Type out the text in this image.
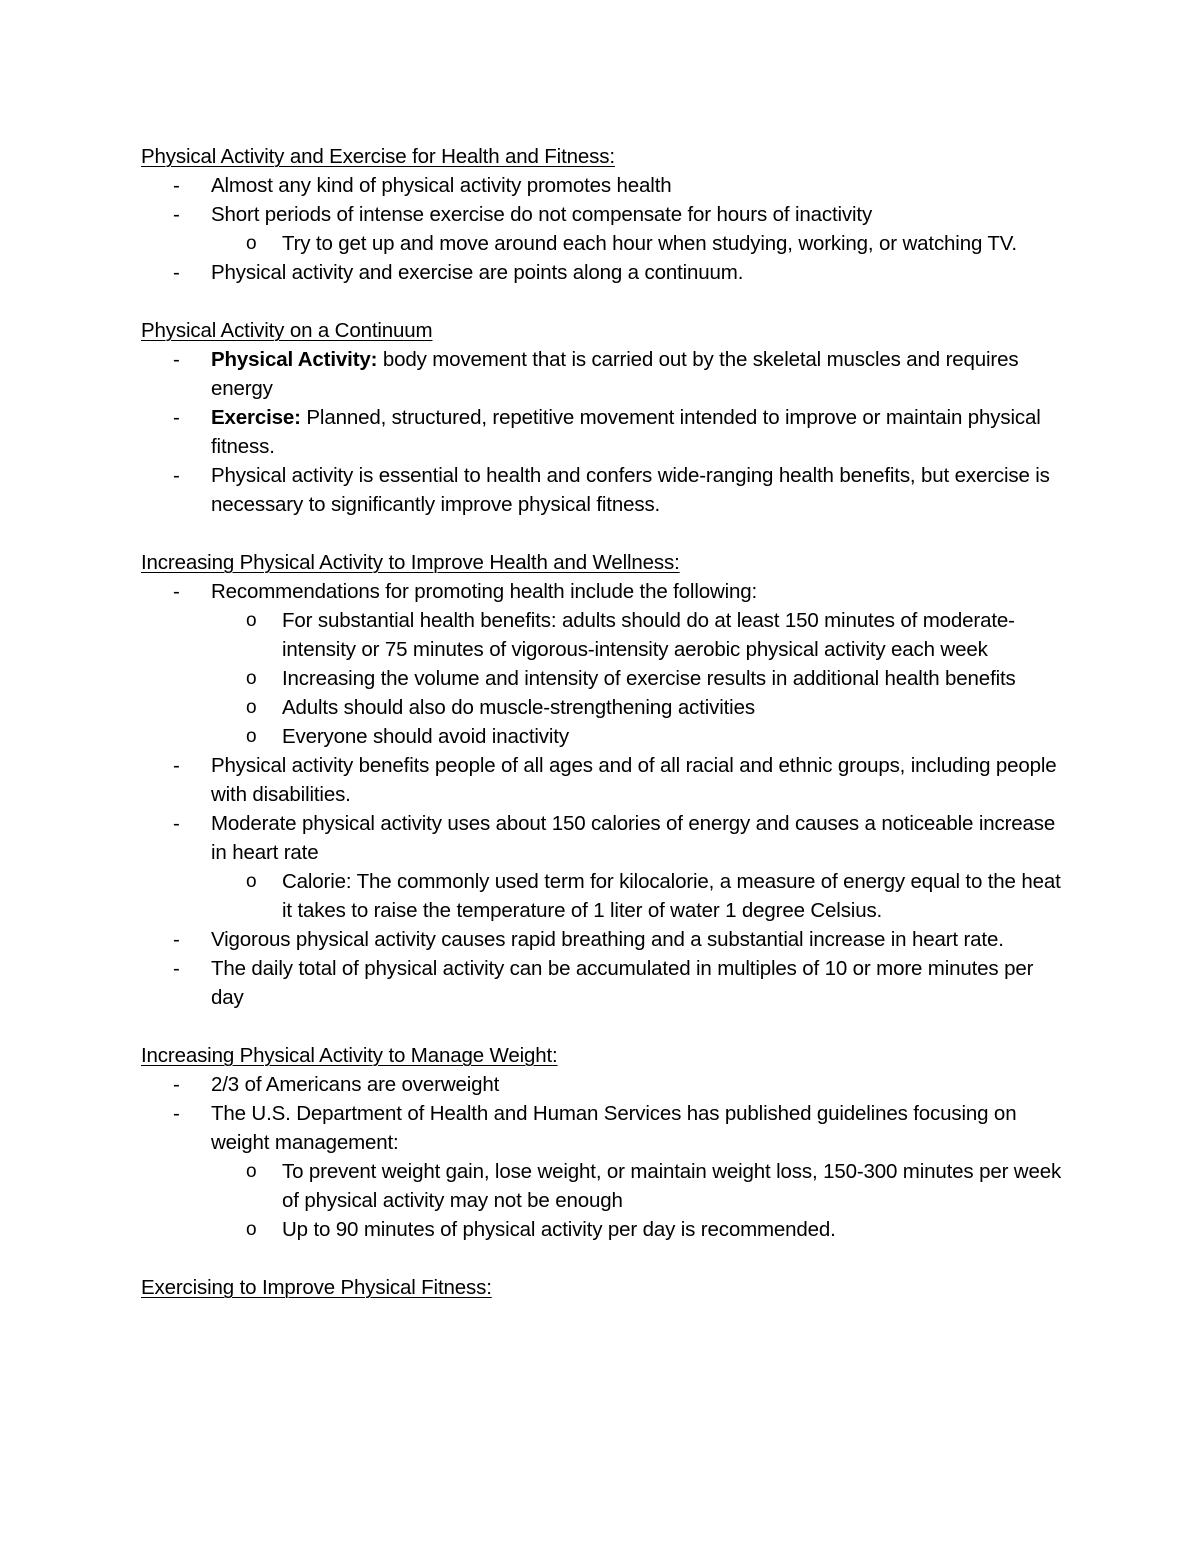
Physical Activity and Exercise for Health and Fitness:
-	Almost any kind of physical activity promotes health
-	Short periods of intense exercise do not compensate for hours of inactivity
o	Try to get up and move around each hour when studying, working, or watching TV.
-	Physical activity and exercise are points along a continuum.
Physical Activity on a Continuum
-	Physical Activity: body movement that is carried out by the skeletal muscles and requires energy
-	Exercise: Planned, structured, repetitive movement intended to improve or maintain physical fitness.
-	Physical activity is essential to health and confers wide-ranging health benefits, but exercise is necessary to significantly improve physical fitness.
Increasing Physical Activity to Improve Health and Wellness:
-	Recommendations for promoting health include the following:
o	For substantial health benefits: adults should do at least 150 minutes of moderate-intensity or 75 minutes of vigorous-intensity aerobic physical activity each week
o	Increasing the volume and intensity of exercise results in additional health benefits
o	Adults should also do muscle-strengthening activities
o	Everyone should avoid inactivity
-	Physical activity benefits people of all ages and of all racial and ethnic groups, including people with disabilities.
-	Moderate physical activity uses about 150 calories of energy and causes a noticeable increase in heart rate
o	Calorie: The commonly used term for kilocalorie, a measure of energy equal to the heat it takes to raise the temperature of 1 liter of water 1 degree Celsius.
-	Vigorous physical activity causes rapid breathing and a substantial increase in heart rate.
-	The daily total of physical activity can be accumulated in multiples of 10 or more minutes per day
Increasing Physical Activity to Manage Weight:
-	2/3 of Americans are overweight
-	The U.S. Department of Health and Human Services has published guidelines focusing on weight management:
o	To prevent weight gain, lose weight, or maintain weight loss, 150-300 minutes per week of physical activity may not be enough
o	Up to 90 minutes of physical activity per day is recommended.
Exercising to Improve Physical Fitness:
